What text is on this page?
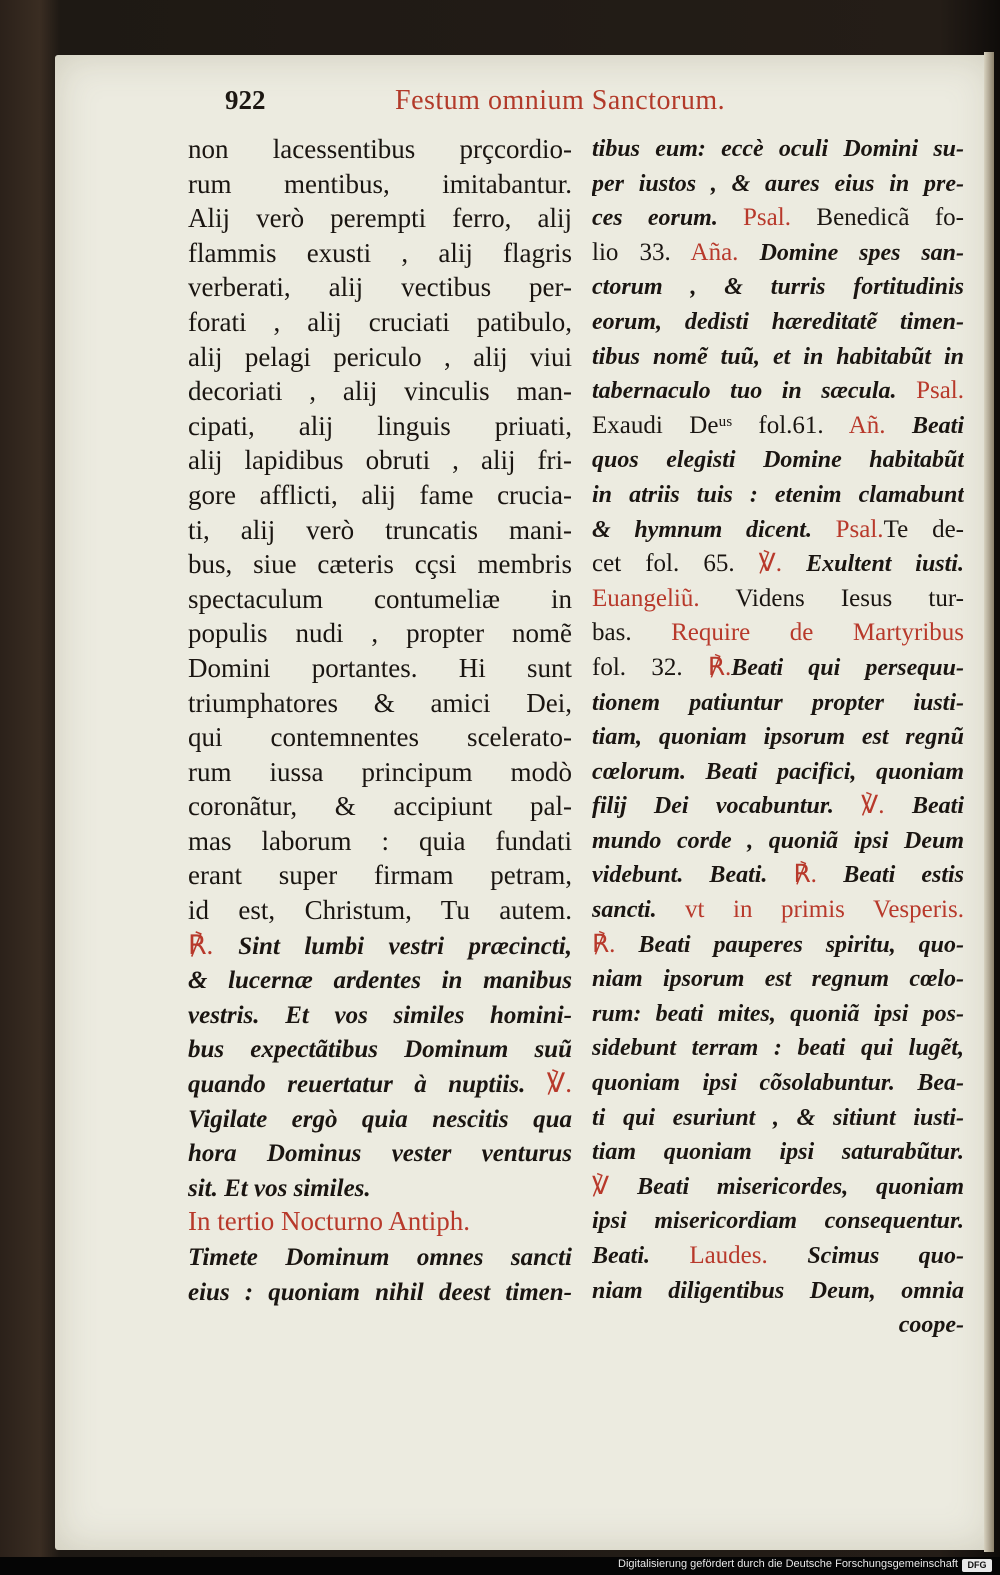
922	Festum omnium Sanctorum.
non lacessentibus prçcordio-
rum mentibus, imitabantur.
Alij verò perempti ferro, alij
flammis exusti , alij flagris
verberati, alij vectibus per-
forati , alij cruciati patibulo,
alij pelagi periculo , alij viui
decoriati , alij vinculis man-
cipati, alij linguis priuati,
alij lapidibus obruti , alij fri-
gore afflicti, alij fame crucia-
ti, alij verò truncatis mani-
bus, siue cæteris cçsi membris
spectaculum contumeliæ in
populis nudi , propter nomẽ
Domini portantes. Hi sunt
triumphatores & amici Dei,
qui contemnentes scelerato-
rum iussa principum modò
coronãtur, & accipiunt pal-
mas laborum : quia fundati
erant super firmam petram,
id est, Christum, Tu autem.
℟. Sint lumbi vestri præcincti,
& lucernæ ardentes in manibus
vestris. Et vos similes homini-
bus expectãtibus Dominum suũ
quando reuertatur à nuptiis. ℣.
Vigilate ergò quia nescitis qua
hora Dominus vester venturus
sit. Et vos similes.
In tertio Nocturno Antiph.
Timete Dominum omnes sancti
eius : quoniam nihil deest timen-
tibus eum: eccè oculi Domini su-
per iustos , & aures eius in pre-
ces eorum. Psal. Benedicã fo-
lio 33. Aña. Domine spes san-
ctorum , & turris fortitudinis
eorum, dedisti hæreditatẽ timen-
tibus nomẽ tuũ, et in habitabũt in
tabernaculo tuo in sæcula. Psal.
Exaudi Deᵘˢ fol.61. Añ. Beati
quos elegisti Domine habitabũt
in atriis tuis : etenim clamabunt
& hymnum dicent. Psal.Te de-
cet fol. 65. ℣. Exultent iusti.
Euangeliũ. Videns Iesus tur-
bas. Require de Martyribus
fol. 32. ℟.Beati qui persequu-
tionem patiuntur propter iusti-
tiam, quoniam ipsorum est regnũ
cœlorum. Beati pacifici, quoniam
filij Dei vocabuntur. ℣. Beati
mundo corde , quoniã ipsi Deum
videbunt. Beati. ℟. Beati estis
sancti. vt in primis Vesperis.
℟. Beati pauperes spiritu, quo-
niam ipsorum est regnum cœlo-
rum: beati mites, quoniã ipsi pos-
sidebunt terram : beati qui lugẽt,
quoniam ipsi cõsolabuntur. Bea-
ti qui esuriunt , & sitiunt iusti-
tiam quoniam ipsi saturabũtur.
℣ Beati misericordes, quoniam
ipsi misericordiam consequentur.
Beati. Laudes. Scimus quo-
niam diligentibus Deum, omnia
coope-
Digitalisierung gefördert durch die Deutsche Forschungsgemeinschaft	DFG
